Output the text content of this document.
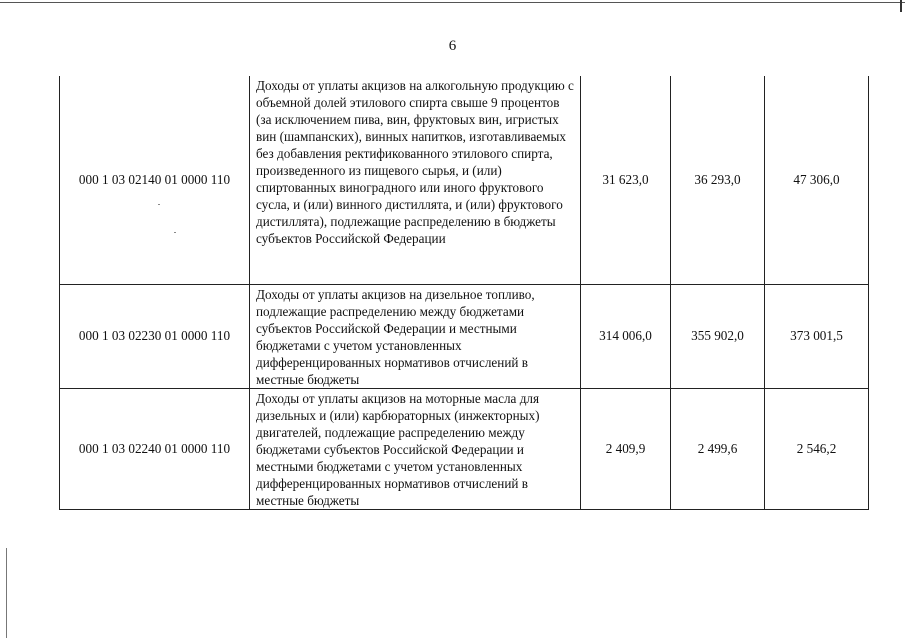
6
000 1 03 02140 01 0000 110	Доходы от уплаты акцизов на алкогольную продукцию с объемной долей этилового спирта свыше 9 процентов (за исключением пива, вин, фруктовых вин, игристых вин (шампанских), винных напитков, изготавливаемых без добавления ректификованного этилового спирта, произведенного из пищевого сырья, и (или) спиртованных виноградного или иного фруктового сусла, и (или) винного дистиллята, и (или) фруктового дистиллята), подлежащие распределению в бюджеты субъектов Российской Федерации	31 623,0	36 293,0	47 306,0
000 1 03 02230 01 0000 110	Доходы от уплаты акцизов на дизельное топливо, подлежащие распределению между бюджетами субъектов Российской Федерации и местными бюджетами с учетом установленных дифференцированных нормативов отчислений в местные бюджеты	314 006,0	355 902,0	373 001,5
000 1 03 02240 01 0000 110	Доходы от уплаты акцизов на моторные масла для дизельных и (или) карбюраторных (инжекторных) двигателей, подлежащие распределению между бюджетами субъектов Российской Федерации и местными бюджетами с учетом установленных дифференцированных нормативов отчислений в местные бюджеты	2 409,9	2 499,6	2 546,2
